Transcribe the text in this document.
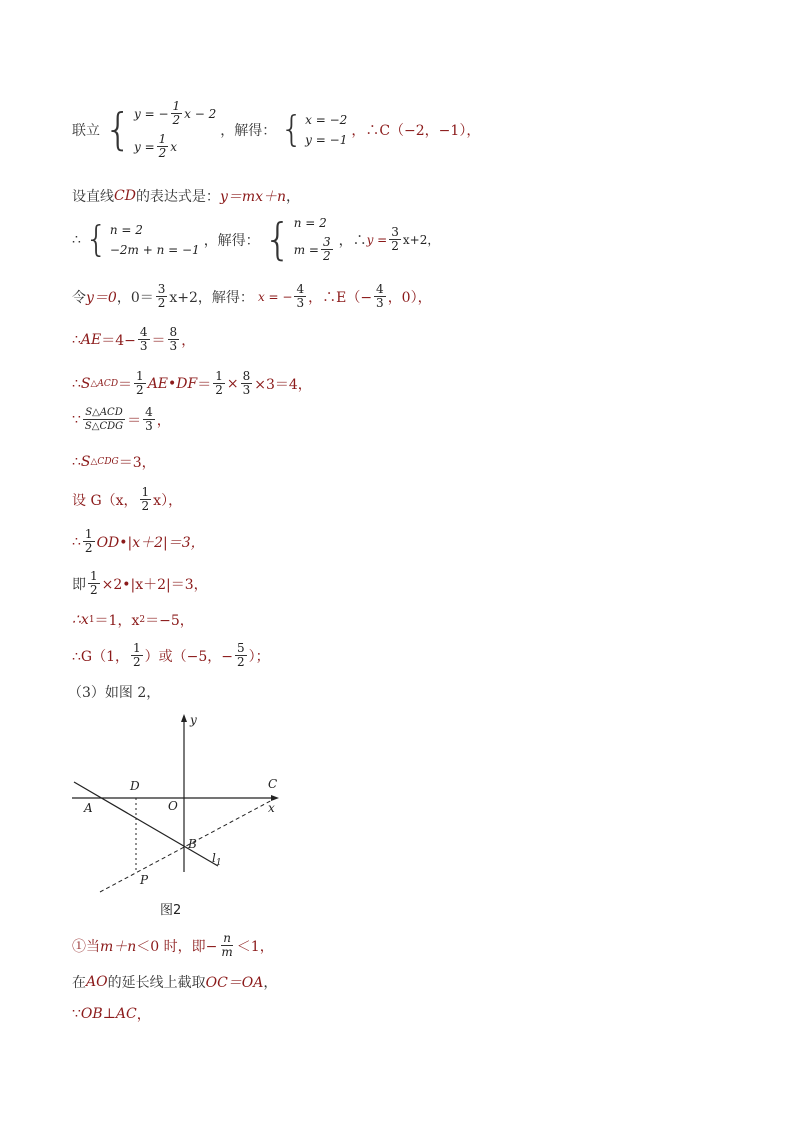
联立 { y = − $\frac{1}{2}$ x − 2
$y = \frac{1}{2}$ x
，解得： { x = −2
y = −1
，∴C（−2，−1），
设直线 CD 的表达式是： y＝mx＋n ，
∴ { n = 2
−2m + n = −1
，解得： { n = 2
$m = \frac{3}{2}$ ，∴ $y = \frac{3}{2} x+2$，
令 y＝0 ，$0= \frac{3}{2} x+2$，解得： x = − $\frac{4}{3}$ ，∴E（− $\frac{4}{3}$ ，0），
∴ AE $=4- \frac{4}{3} = \frac{8}{3}$ ，
∴ S △ACD ＝ $\frac{1}{2}$ AE•DF ＝ $\frac{1}{2} \times \frac{8}{3} \times 3=4$，
∵ $\frac{\text{S△ACD}}{\text{S△CDG}} = \frac{4}{3}$ ，
∴ S △CDG ＝3，
设 G（x， $\frac{1}{2} x$），
∴ $\frac{1}{2}$ OD•|x＋2|＝3，
即 $\frac{1}{2}$ ×2•|x＋2|＝3，
∴x 1 ＝1，x 2 ＝−5，
∴G（1， $\frac{1}{2}$ ）或（−5，− $\frac{5}{2}$ ）；
（3）如图 2，
y
x
A
D
O
C
B
P
$l_1$
图2
①当 m＋n ＜0 时，即− $\frac{n}{m} <1$，
在 AO 的延长线上截取 OC＝OA ，
∵ OB⊥AC ，
